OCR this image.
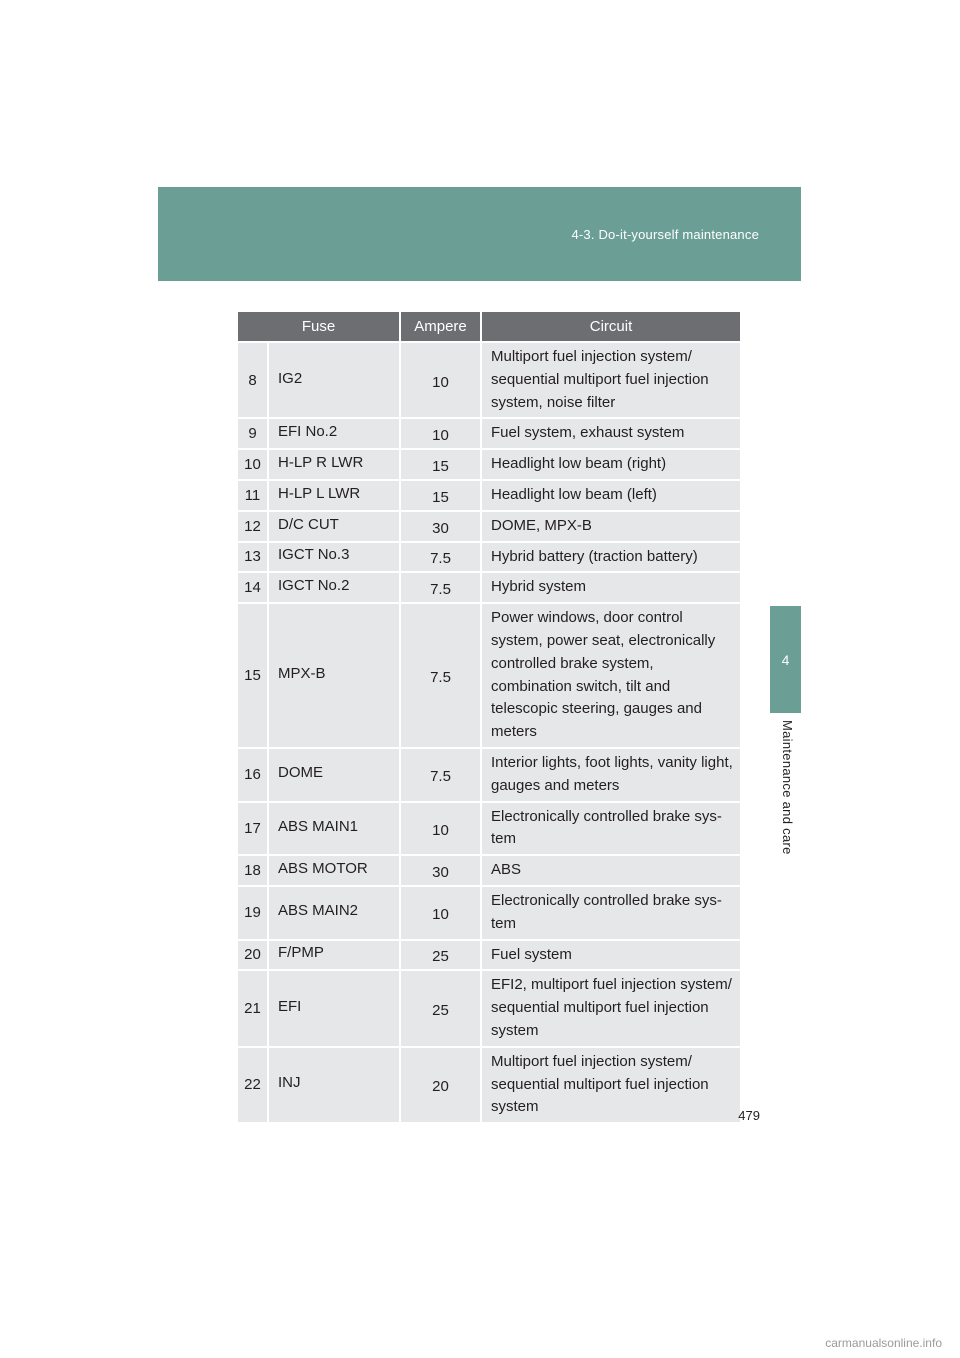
4-3. Do-it-yourself maintenance
4
Maintenance and care
Fuse		Ampere	Circuit
8	IG2	10	Multiport fuel injection system/ sequential multiport fuel injection system, noise filter
9	EFI No.2	10	Fuel system, exhaust system
10	H-LP R LWR	15	Headlight low beam (right)
11	H-LP L LWR	15	Headlight low beam (left)
12	D/C CUT	30	DOME, MPX-B
13	IGCT No.3	7.5	Hybrid battery (traction battery)
14	IGCT No.2	7.5	Hybrid system
15	MPX-B	7.5	Power windows, door control system, power seat, electronically controlled brake system, combination switch, tilt and telescopic steering, gauges and meters
16	DOME	7.5	Interior lights, foot lights, vanity light, gauges and meters
17	ABS MAIN1	10	Electronically controlled brake sys- tem
18	ABS MOTOR	30	ABS
19	ABS MAIN2	10	Electronically controlled brake sys- tem
20	F/PMP	25	Fuel system
21	EFI	25	EFI2, multiport fuel injection system/ sequential multiport fuel injection system
22	INJ	20	Multiport fuel injection system/ sequential multiport fuel injection system
479
carmanualsonline.info
